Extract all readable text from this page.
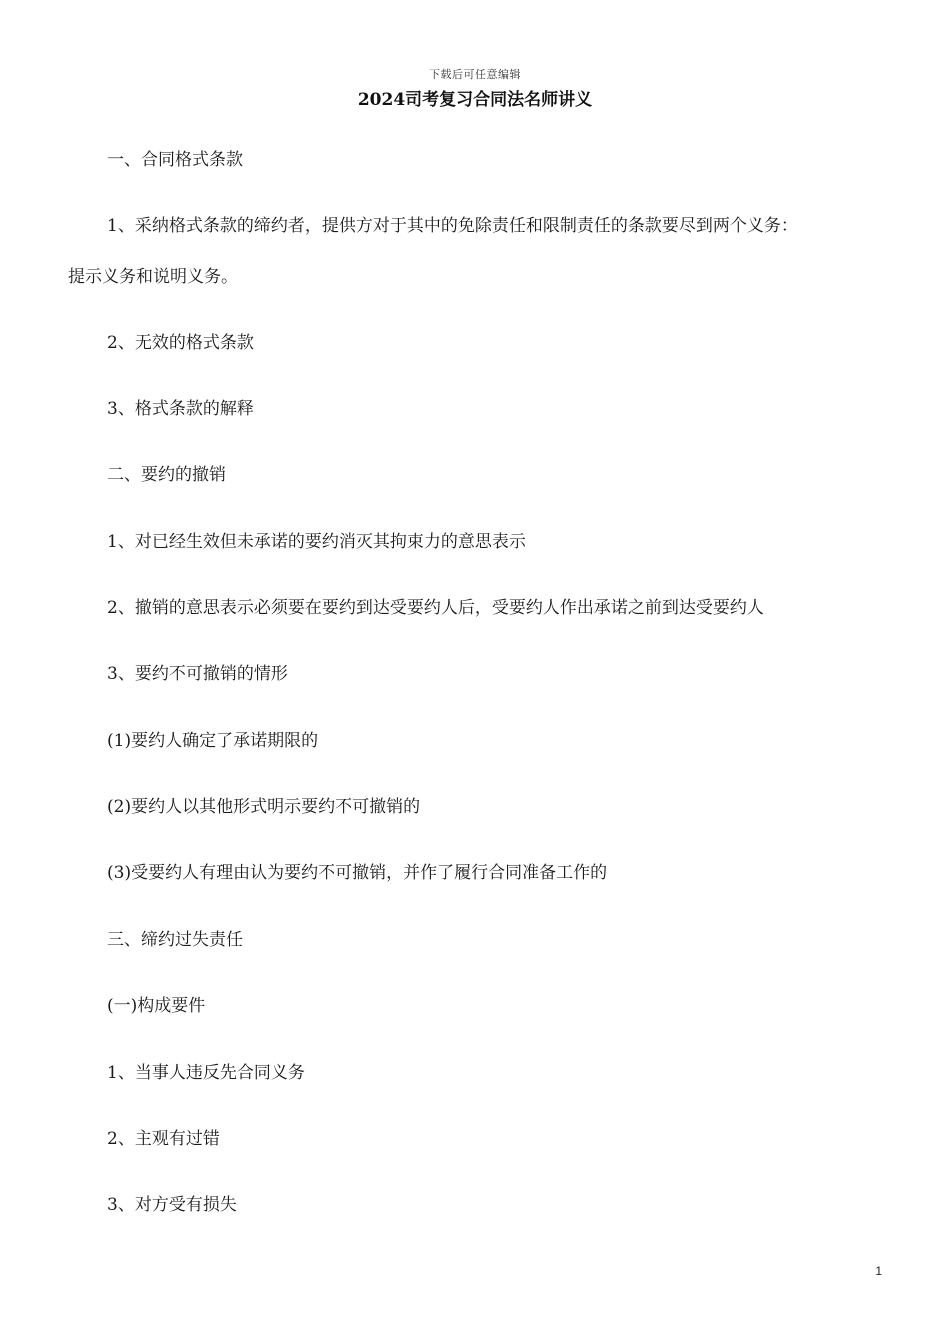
下载后可任意编辑
2024司考复习合同法名师讲义
一、合同格式条款
1、采纳格式条款的缔约者，提供方对于其中的免除责任和限制责任的条款要尽到两个义务：
提示义务和说明义务。
2、无效的格式条款
3、格式条款的解释
二、要约的撤销
1、对已经生效但未承诺的要约消灭其拘束力的意思表示
2、撤销的意思表示必须要在要约到达受要约人后，受要约人作出承诺之前到达受要约人
3、要约不可撤销的情形
(1)要约人确定了承诺期限的
(2)要约人以其他形式明示要约不可撤销的
(3)受要约人有理由认为要约不可撤销，并作了履行合同准备工作的
三、缔约过失责任
(一)构成要件
1、当事人违反先合同义务
2、主观有过错
3、对方受有损失
1
